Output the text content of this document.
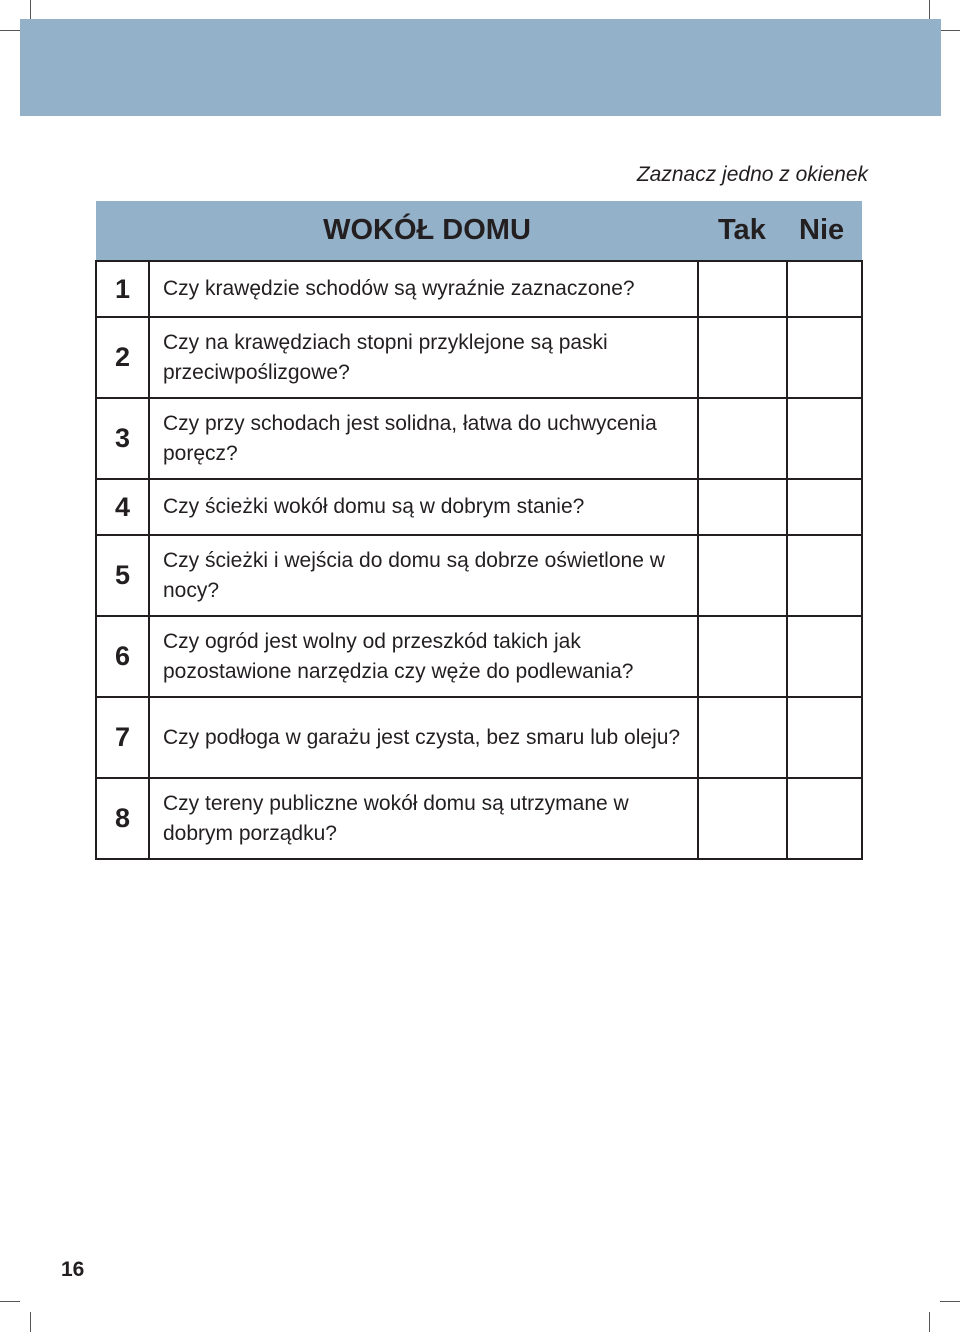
Zaznacz jedno z okienek
WOKÓŁ DOMU		Tak	Nie
1	Czy krawędzie schodów są wyraźnie zaznaczone?		
2	Czy na krawędziach stopni przyklejone są paski przeciwpoślizgowe?		
3	Czy przy schodach jest solidna, łatwa do uchwycenia poręcz?		
4	Czy ścieżki wokół domu są w dobrym stanie?		
5	Czy ścieżki i wejścia do domu są dobrze oświetlone w nocy?		
6	Czy ogród jest wolny od przeszkód takich jak pozostawione narzędzia czy węże do podlewania?		
7	Czy podłoga w garażu jest czysta, bez smaru lub oleju?		
8	Czy tereny publiczne wokół domu są utrzymane w dobrym porządku?		
16
